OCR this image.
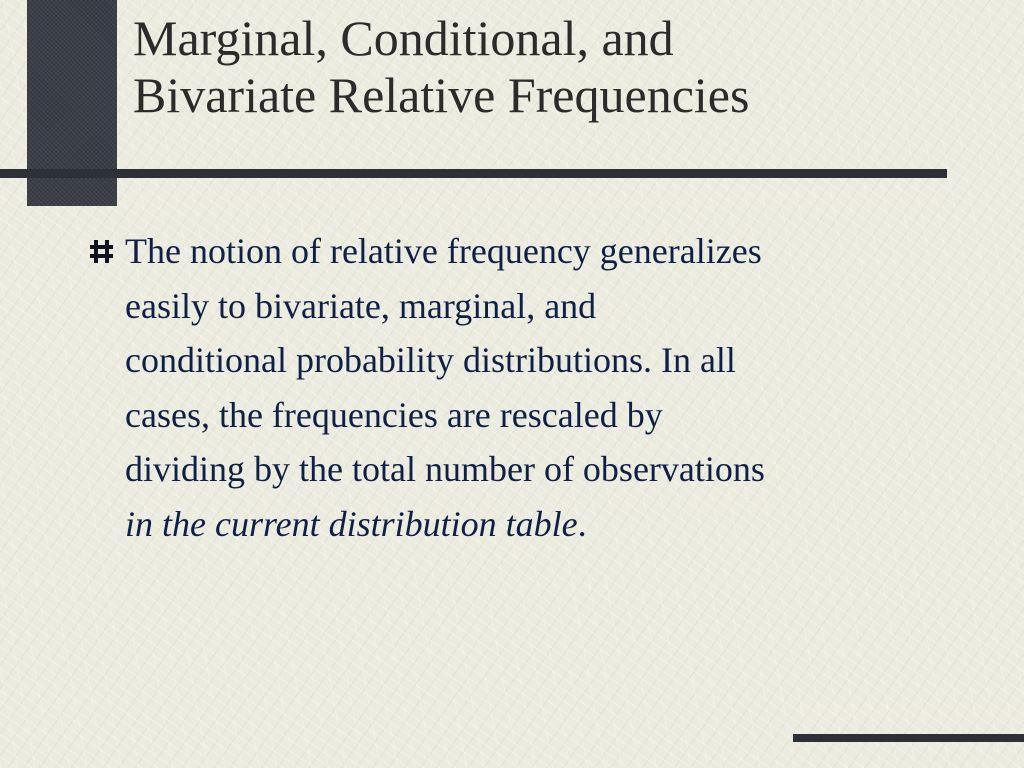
Marginal, Conditional, and
Bivariate Relative Frequencies
The notion of relative frequency generalizes
easily to bivariate, marginal, and
conditional probability distributions. In all
cases, the frequencies are rescaled by
dividing by the total number of observations
in the current distribution table.
